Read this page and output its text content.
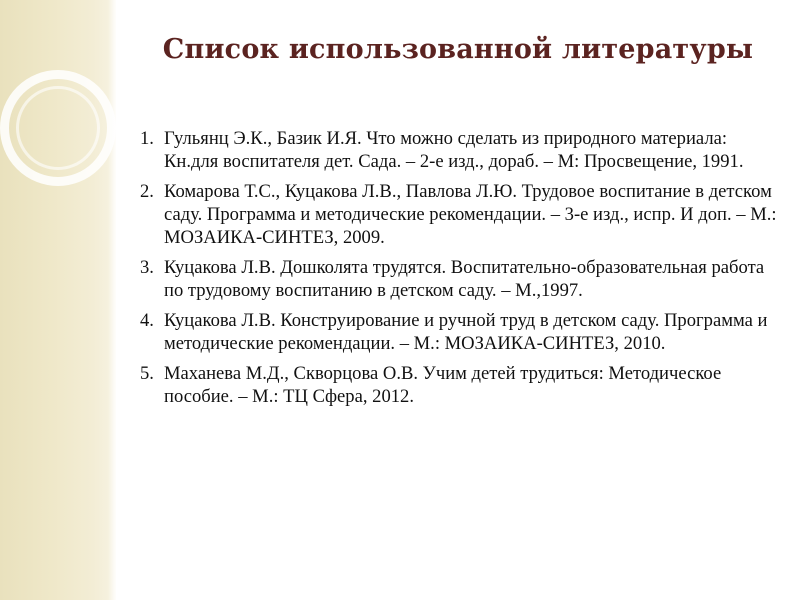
Список использованной литературы
1. Гульянц Э.К., Базик И.Я. Что можно сделать из природного материала: Кн.для воспитателя дет. Сада. – 2-е изд., дораб. – М: Просвещение, 1991.
2. Комарова Т.С., Куцакова Л.В., Павлова Л.Ю. Трудовое воспитание в детском саду. Программа и методические рекомендации. – 3-е изд., испр. И доп. – М.: МОЗАИКА-СИНТЕЗ, 2009.
3. Куцакова Л.В. Дошколята трудятся. Воспитательно-образовательная работа по трудовому воспитанию в детском саду. – М.,1997.
4. Куцакова Л.В. Конструирование и ручной труд в детском саду. Программа и методические рекомендации. – М.: МОЗАИКА-СИНТЕЗ, 2010.
5. Маханева М.Д., Скворцова О.В. Учим детей трудиться: Методическое пособие. – М.: ТЦ Сфера, 2012.
